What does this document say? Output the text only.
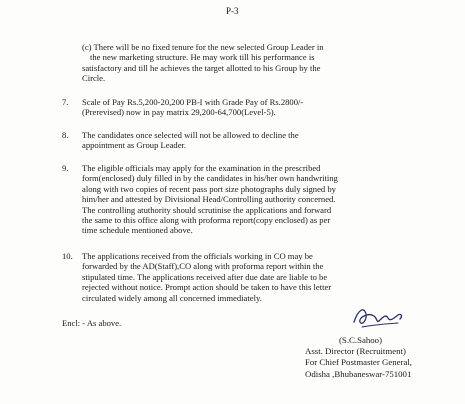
P-3
(c) There will be no fixed tenure for the new selected Group Leader in
the new marketing structure. He may work till his performance is
satisfactory and till he achieves the target allotted to his Group by the
Circle.
7. Scale of Pay Rs.5,200-20,200 PB-I with Grade Pay of Rs.2800/-
(Prerevised) now in pay matrix 29,200-64,700(Level-5).
8. The candidates once selected will not be allowed to decline the
appointment as Group Leader.
9. The eligible officials may apply for the examination in the prescribed
form(enclosed) duly filled in by the candidates in his/her own handwriting
along with two copies of recent pass port size photographs duly signed by
him/her and attested by Divisional Head/Controlling authority concerned.
The controlling atuthority should scrutinise the applications and forward
the same to this office along with proforma report(copy enclosed) as per
time schedule mentioned above.
10. The applications received from the officials working in CO may be
forwarded by the AD(Staff),CO along with proforma report within the
stipulated time. The applications received after due date are liable to be
rejected without notice. Prompt action should be taken to have this letter
circulated widely among all concerned immediately.
Encl: - As above.
(S.C.Sahoo)
Asst. Director (Recruitment)
For Chief Postmaster General,
Odisha ,Bhubaneswar-751001
